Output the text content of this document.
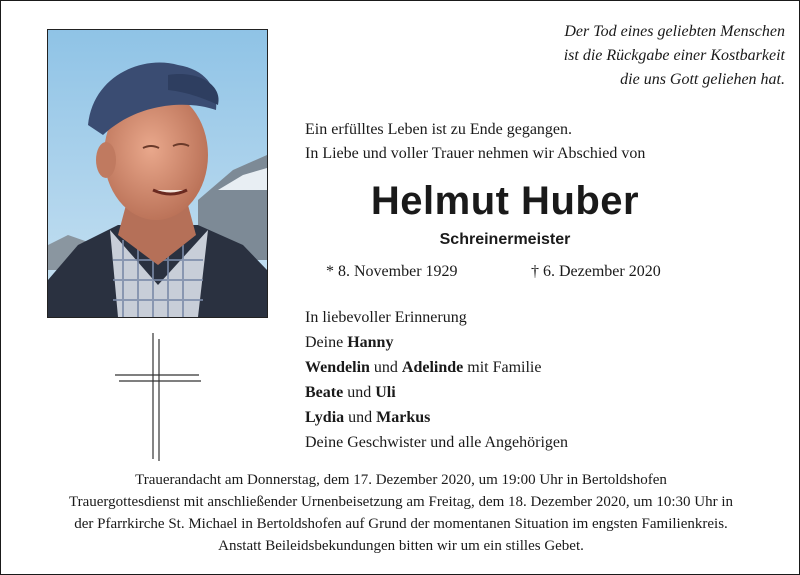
Der Tod eines geliebten Menschen
ist die Rückgabe einer Kostbarkeit
die uns Gott geliehen hat.
Ein erfülltes Leben ist zu Ende gegangen.
In Liebe und voller Trauer nehmen wir Abschied von
Helmut Huber
Schreinermeister
* 8. November 1929	† 6. Dezember 2020
In liebevoller Erinnerung
Deine Hanny
Wendelin und Adelinde mit Familie
Beate und Uli
Lydia und Markus
Deine Geschwister und alle Angehörigen
Trauerandacht am Donnerstag, dem 17. Dezember 2020, um 19:00 Uhr in Bertoldshofen
Trauergottesdienst mit anschließender Urnenbeisetzung am Freitag, dem 18. Dezember 2020, um 10:30 Uhr in
der Pfarrkirche St. Michael in Bertoldshofen auf Grund der momentanen Situation im engsten Familienkreis.
Anstatt Beileidsbekundungen bitten wir um ein stilles Gebet.
